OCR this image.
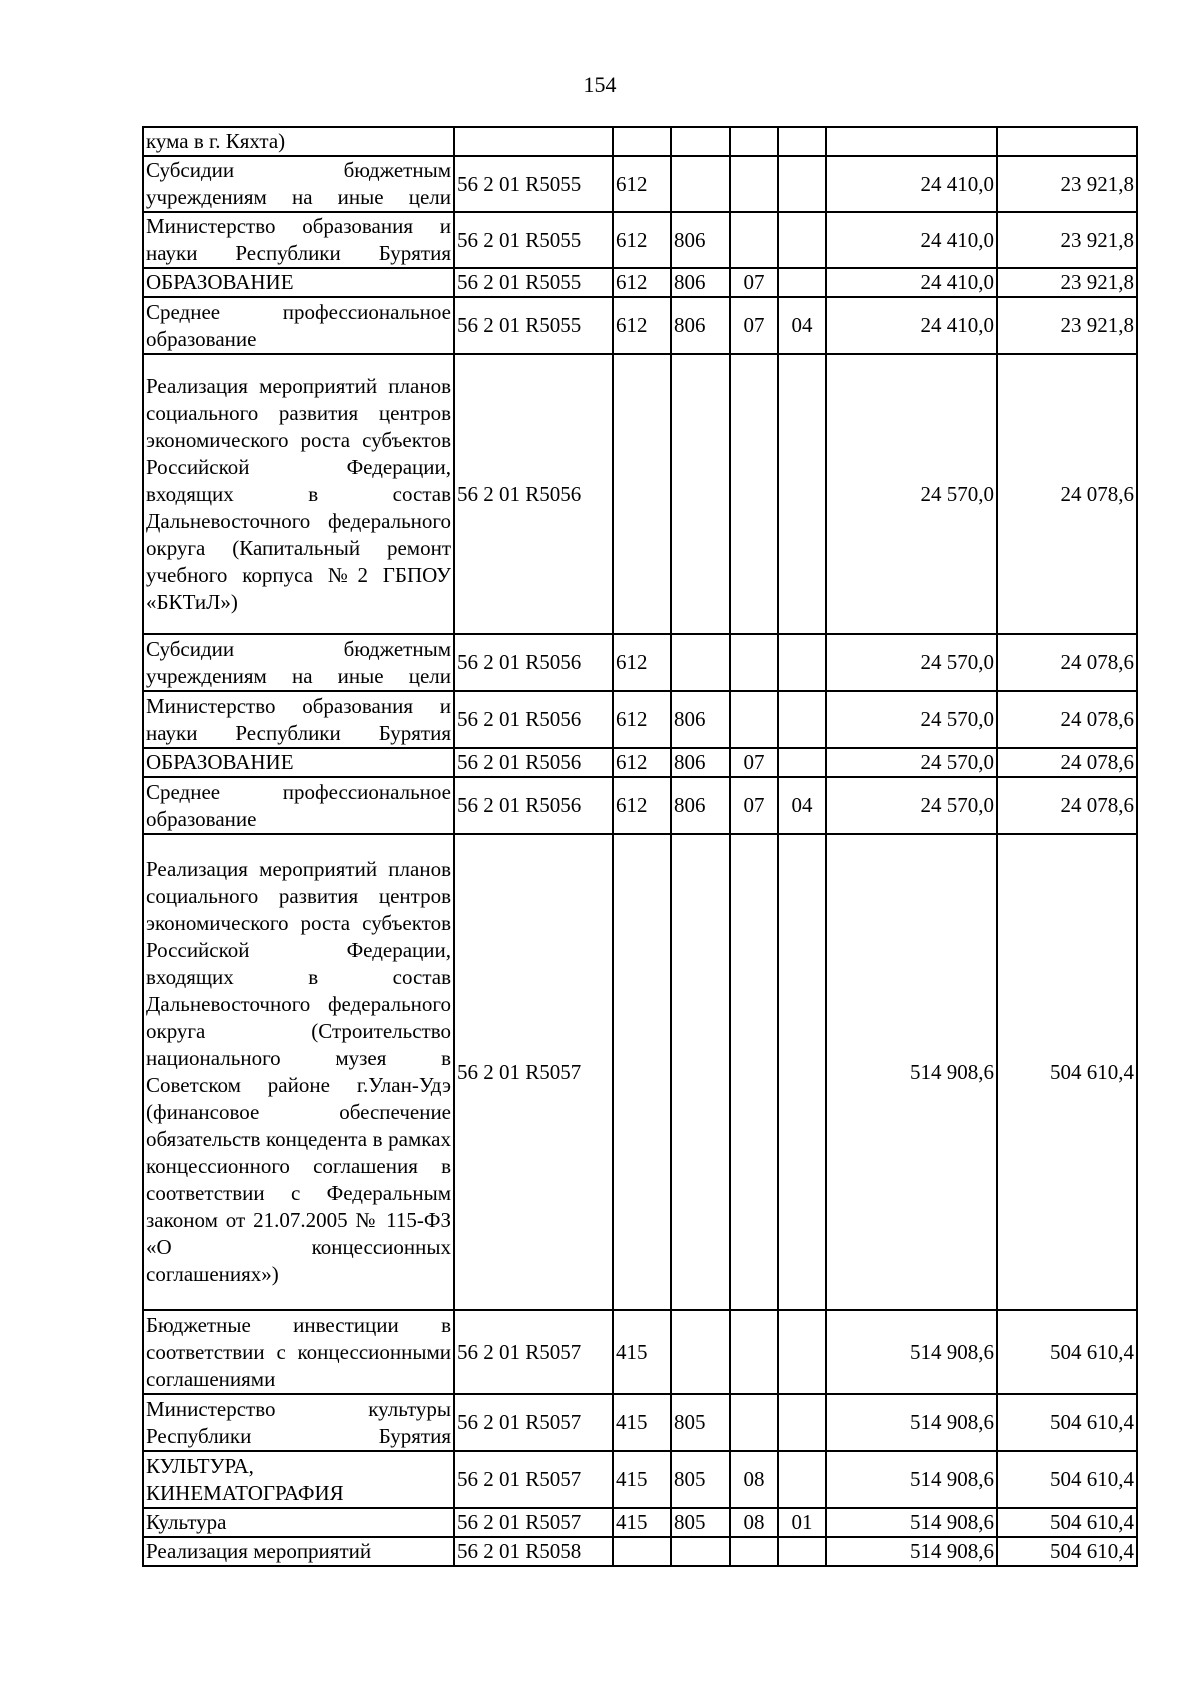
154
кума в г. Кяхта)							
Субсидии бюджетным учреждениям на иные цели	56 2 01 R5055	612				24 410,0	23 921,8
Министерство образования и науки Республики Бурятия	56 2 01 R5055	612	806			24 410,0	23 921,8
ОБРАЗОВАНИЕ	56 2 01 R5055	612	806	07		24 410,0	23 921,8
Среднее профессиональное образование	56 2 01 R5055	612	806	07	04	24 410,0	23 921,8
Реализация мероприятий планов социального развития центров экономического роста субъектов Российской Федерации, входящих в состав Дальневосточного федерального округа (Капитальный ремонт учебного корпуса №2 ГБПОУ «БКТиЛ»)	56 2 01 R5056					24 570,0	24 078,6
Субсидии бюджетным учреждениям на иные цели	56 2 01 R5056	612				24 570,0	24 078,6
Министерство образования и науки Республики Бурятия	56 2 01 R5056	612	806			24 570,0	24 078,6
ОБРАЗОВАНИЕ	56 2 01 R5056	612	806	07		24 570,0	24 078,6
Среднее профессиональное образование	56 2 01 R5056	612	806	07	04	24 570,0	24 078,6
Реализация мероприятий планов социального развития центров экономического роста субъектов Российской Федерации, входящих в состав Дальневосточного федерального округа (Строительство национального музея в Советском районе г.Улан-Удэ (финансовое обеспечение обязательств концедента в рамках концессионного соглашения в соответствии с Федеральным законом от 21.07.2005 № 115-ФЗ «О концессионных соглашениях»)	56 2 01 R5057					514 908,6	504 610,4
Бюджетные инвестиции в соответствии с концессионными соглашениями	56 2 01 R5057	415				514 908,6	504 610,4
Министерство культуры Республики Бурятия	56 2 01 R5057	415	805			514 908,6	504 610,4
КУЛЬТУРА, КИНЕМАТОГРАФИЯ	56 2 01 R5057	415	805	08		514 908,6	504 610,4
Культура	56 2 01 R5057	415	805	08	01	514 908,6	504 610,4
Реализация мероприятий	56 2 01 R5058					514 908,6	504 610,4
